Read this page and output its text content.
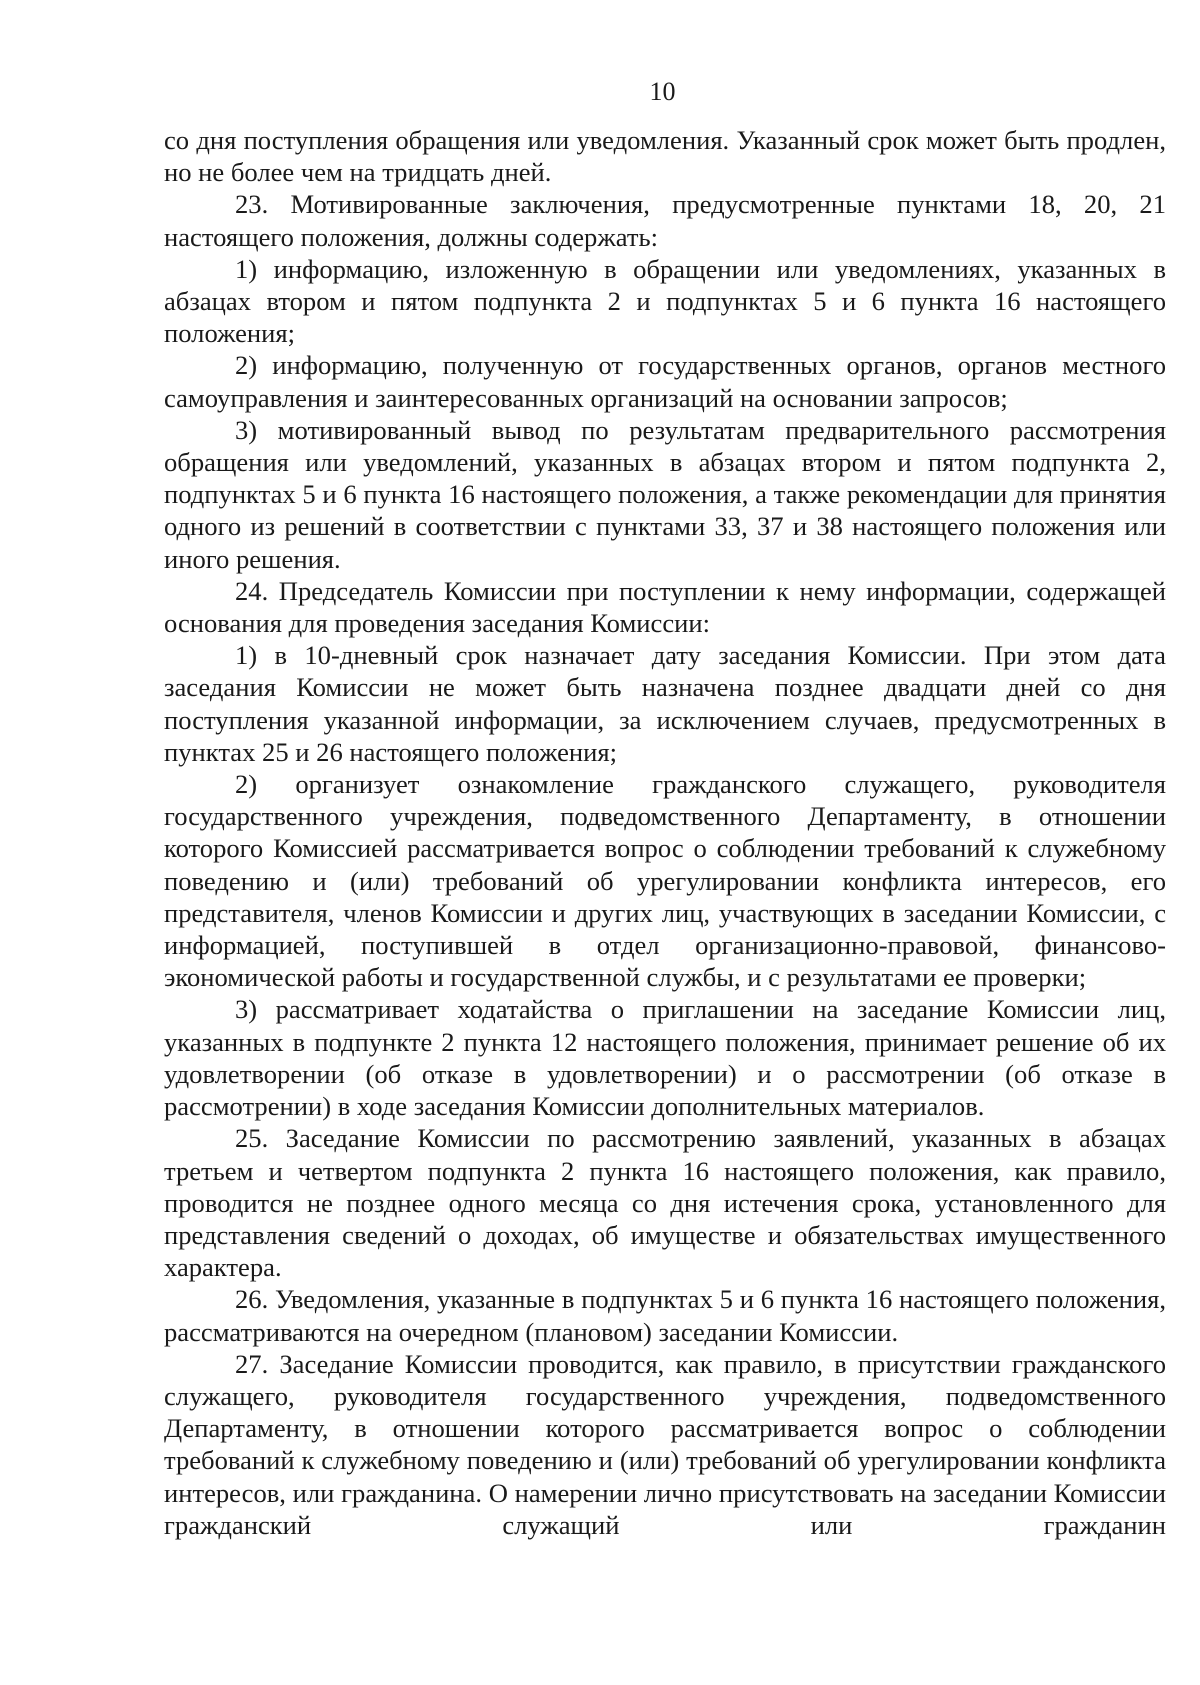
10

со дня поступления обращения или уведомления. Указанный срок может быть продлен, но не более чем на тридцать дней.

23. Мотивированные заключения, предусмотренные пунктами 18, 20, 21 настоящего положения, должны содержать:

1) информацию, изложенную в обращении или уведомлениях, указанных в абзацах втором и пятом подпункта 2 и подпунктах 5 и 6 пункта 16 настоящего положения;

2) информацию, полученную от государственных органов, органов местного самоуправления и заинтересованных организаций на основании запросов;

3) мотивированный вывод по результатам предварительного рассмотрения обращения или уведомлений, указанных в абзацах втором и пятом подпункта 2, подпунктах 5 и 6 пункта 16 настоящего положения, а также рекомендации для принятия одного из решений в соответствии с пунктами 33, 37 и 38 настоящего положения или иного решения.

24. Председатель Комиссии при поступлении к нему информации, содержащей основания для проведения заседания Комиссии:

1) в 10-дневный срок назначает дату заседания Комиссии. При этом дата заседания Комиссии не может быть назначена позднее двадцати дней со дня поступления указанной информации, за исключением случаев, предусмотренных в пунктах 25 и 26 настоящего положения;

2) организует ознакомление гражданского служащего, руководителя государственного учреждения, подведомственного Департаменту, в отношении которого Комиссией рассматривается вопрос о соблюдении требований к служебному поведению и (или) требований об урегулировании конфликта интересов, его представителя, членов Комиссии и других лиц, участвующих в заседании Комиссии, с информацией, поступившей в отдел организационно-правовой, финансово-экономической работы и государственной службы, и с результатами ее проверки;

3) рассматривает ходатайства о приглашении на заседание Комиссии лиц, указанных в подпункте 2 пункта 12 настоящего положения, принимает решение об их удовлетворении (об отказе в удовлетворении) и о рассмотрении (об отказе в рассмотрении) в ходе заседания Комиссии дополнительных материалов.

25. Заседание Комиссии по рассмотрению заявлений, указанных в абзацах третьем и четвертом подпункта 2 пункта 16 настоящего положения, как правило, проводится не позднее одного месяца со дня истечения срока, установленного для представления сведений о доходах, об имуществе и обязательствах имущественного характера.

26. Уведомления, указанные в подпунктах 5 и 6 пункта 16 настоящего положения, рассматриваются на очередном (плановом) заседании Комиссии.

27. Заседание Комиссии проводится, как правило, в присутствии гражданского служащего, руководителя государственного учреждения, подведомственного Департаменту, в отношении которого рассматривается вопрос о соблюдении требований к служебному поведению и (или) требований об урегулировании конфликта интересов, или гражданина. О намерении лично присутствовать на заседании Комиссии гражданский служащий или гражданин
